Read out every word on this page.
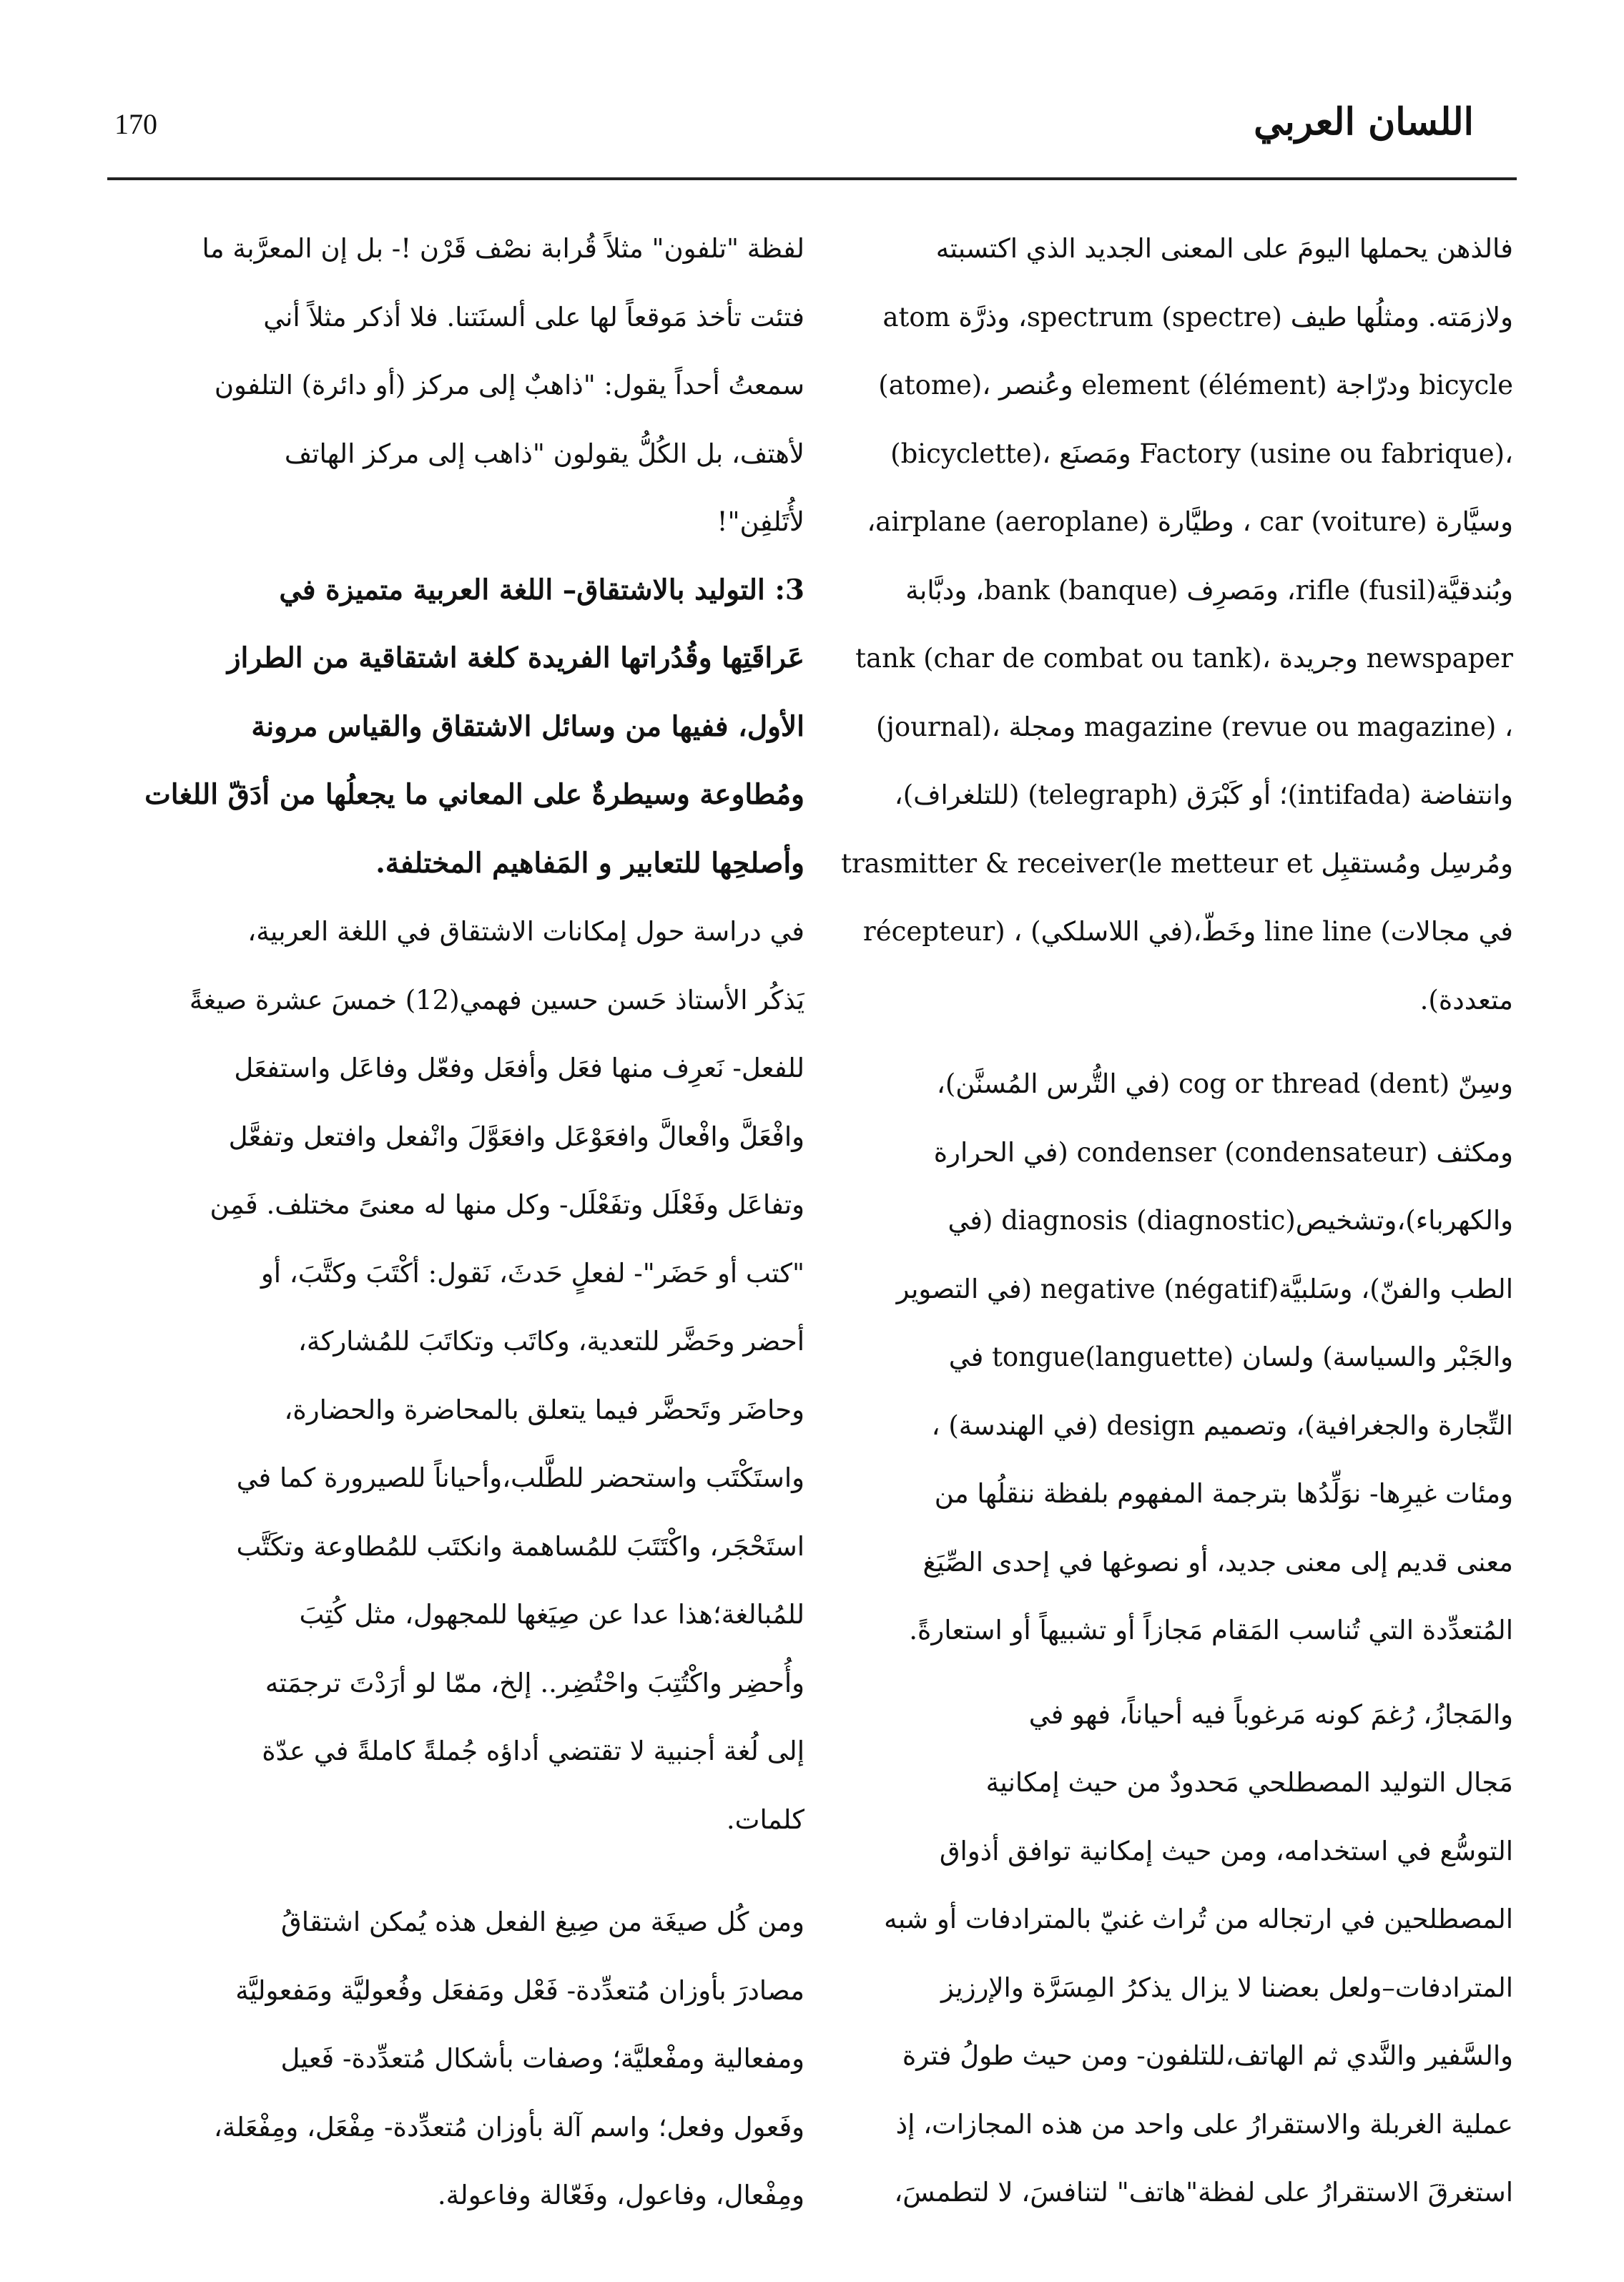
170	اللسان العربي
فالذهن يحملها اليومَ على المعنى الجديد الذي اكتسبته
ولازمَته. ومثلُها طيف spectrum (spectre)، وذرَّة atom
(atome)، وعُنصر element (élément) ودرّاجة bicycle
(bicyclette)، ومَصنَع Factory (usine ou fabrique)،
وسيَّارة car (voiture) ، وطيَّارة airplane (aeroplane)،
وبُندقيَّة(rifle (fusil، ومَصرِف bank (banque)، ودبَّابة
tank (char de combat ou tank)، وجريدة newspaper
(journal)، ومجلة magazine (revue ou magazine) ،
وانتفاضة (intifada)؛ أو كَبْرَق (telegraph) (للتلغراف)،
ومُرسِل ومُستقبِل trasmitter & receiver(le metteur et
récepteur) ، (في اللاسلكي)،وخَطّ line line (في مجالات
متعددة).
وسِنّ (dent) cog or thread (في التُّرس المُسنَّن)،
ومكثف condenser (condensateur) (في الحرارة
والكهرباء)،وتشخيص(diagnosis (diagnostic (في
الطب والفنّ)، وسَلبيَّة(negative (négatif (في التصوير
والجَبْر والسياسة) ولسان tongue(languette) في
التِّجارة والجغرافية)، وتصميم design (في الهندسة) ،
ومئات غيرِها- نوَلِّدُها بترجمة المفهوم بلفظة ننقلُها من
معنى قديم إلى معنى جديد، أو نصوغها في إحدى الصِّيَغ
المُتعدِّدة التي تُناسب المَقام مَجازاً أو تشبيهاً أو استعارةً.
والمَجازُ، رُغمَ كونه مَرغوباً فيه أحياناً، فهو في
مَجال التوليد المصطلحي مَحدودٌ من حيث إمكانية
التوسُّع في استخدامه، ومن حيث إمكانية توافق أذواق
المصطلحين في ارتجاله من تُراث غنيّ بالمترادفات أو شبه
المترادفات–ولعل بعضنا لا يزال يذكرُ المِسَرَّة والإرزيز
والسَّفير والنَّدي ثم الهاتف،للتلفون- ومن حيث طولُ فترة
عملية الغربلة والاستقرارُ على واحد من هذه المجازات، إذ
استغرقَ الاستقرارُ على لفظة"هاتف" لتنافسَ، لا لتطمسَ،
لفظة "تلفون" مثلاً قُرابة نصْف قَرْن !- بل إن المعرَّبة ما
فتئت تأخذ مَوقعاً لها على ألسنَتنا. فلا أذكر مثلاً أني
سمعتُ أحداً يقول: "ذاهبٌ إلى مركز (أو دائرة) التلفون
لأهتف، بل الكُلُّ يقولون "ذاهب إلى مركز الهاتف
لأُتَلفِن"!
3: التوليد بالاشتقاق– اللغة العربية متميزة في
عَراقَتِها وقُدُراتها الفريدة كلغة اشتقاقية من الطراز
الأول، ففيها من وسائل الاشتقاق والقياس مرونة
ومُطاوعة وسيطرةٌ على المعاني ما يجعلُها من أدَقّ اللغات
وأصلحِها للتعابير و المَفاهيم المختلفة.
في دراسة حول إمكانات الاشتقاق في اللغة العربية،
يَذكُر الأستاذ حَسن حسين فهمي(12) خمسَ عشرة صيغةً
للفعل- نَعرِف منها فعَل وأفعَل وفعّل وفاعَل واستفعَل
وافْعَلَّ وافْعالَّ وافعَوْعَل وافعَوَّلَ وانْفعل وافتعل وتفعَّل
وتفاعَل وفَعْلَل وتفَعْلَل- وكل منها له معنىً مختلف. فَمِن
"كتب أو حَضَر"- لفعلٍ حَدثَ، نَقول: أكْتَبَ وكتَّبَ، أو
أحضر وحَضَّر للتعدية، وكاتَب وتكاتَبَ للمُشاركة،
وحاضَر وتَحضَّر فيما يتعلق بالمحاضرة والحضارة،
واستَكْتَب واستحضر للطَّلب،وأحياناً للصيرورة كما في
استَحْجَر، واكْتَتَبَ للمُساهمة وانكتَب للمُطاوعة وتكَتَّب
للمُبالغة؛هذا عدا عن صِيَغها للمجهول، مثل كُتِبَ
وأُحضِر واكْتُتِبَ واحْتُضِر.. إلخ، ممّا لو أرَدْتَ ترجمَته
إلى لُغة أجنبية لا تقتضي أداؤه جُملةً كاملةً في عدّة
كلمات.
ومن كُل صيغَة من صِيغ الفعل هذه يُمكن اشتقاقُ
مصادرَ بأوزان مُتعدِّدة- فَعْل ومَفعَل وفُعوليَّة ومَفعوليَّة
ومفعالية ومفْعليَّة؛ وصفات بأشكال مُتعدِّدة- فَعيل
وفَعول وفعل؛ واسم آلة بأوزان مُتعدِّدة- مِفْعَل، ومِفْعَلة،
ومِفْعال، وفاعول، وفَعّالة وفاعولة.
